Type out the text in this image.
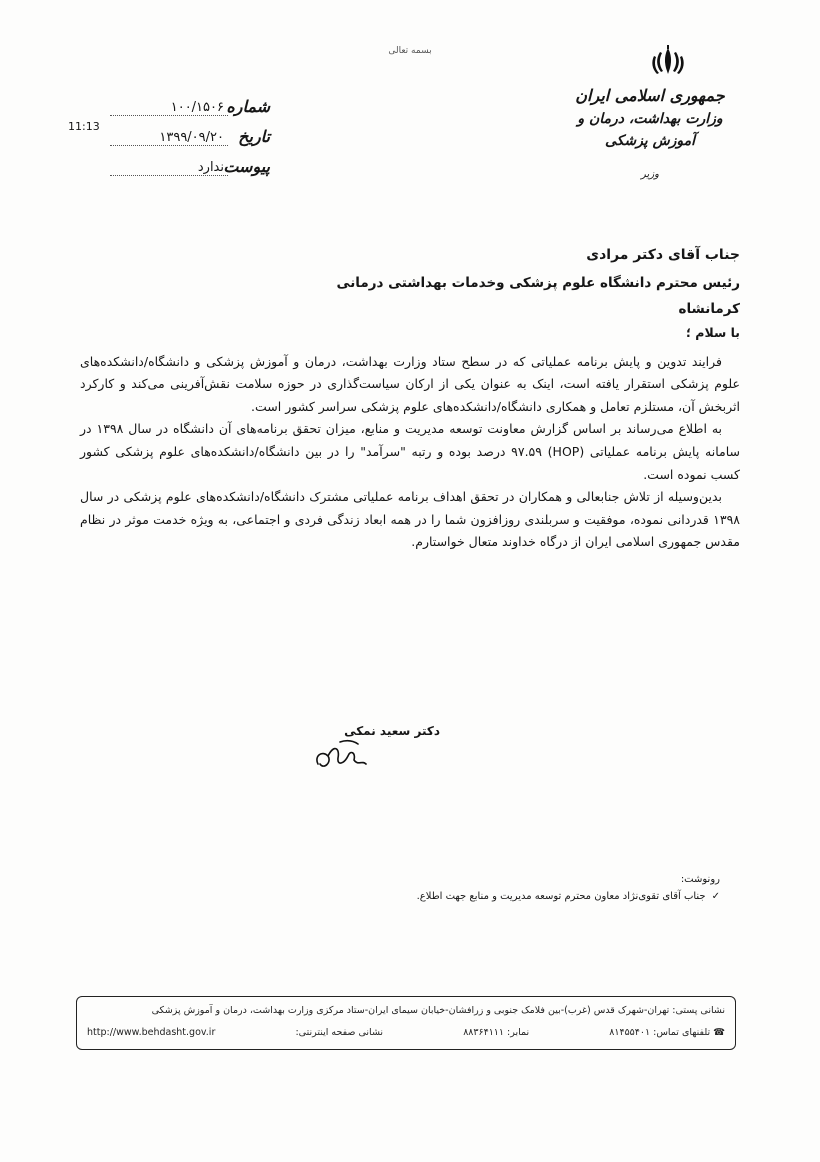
بسمه تعالی
جمهوری اسلامی ایران
وزارت بهداشت، درمان و آموزش پزشکی
وزیر
شماره
۱۰۰/۱۵۰۶
تاریخ
۱۳۹۹/۰۹/۲۰
پیوست
ندارد
11:13
جناب آقای دکتر مرادی
رئیس محترم دانشگاه علوم پزشکی وخدمات بهداشتی درمانی کرمانشاه
با سلام ؛

فرایند تدوین و پایش برنامه عملیاتی که در سطح ستاد وزارت بهداشت، درمان و آموزش پزشکی و دانشگاه/دانشکده‌های علوم پزشکی استقرار یافته است، اینک به عنوان یکی از ارکان سیاست‌گذاری در حوزه سلامت نقش‌آفرینی می‌کند و کارکرد اثربخش آن، مستلزم تعامل و همکاری دانشگاه/دانشکده‌های علوم پزشکی سراسر کشور است.

به اطلاع می‌رساند بر اساس گزارش معاونت توسعه مدیریت و منابع، میزان تحقق برنامه‌های آن دانشگاه در سال ۱۳۹۸ در سامانه پایش برنامه عملیاتی (HOP) ۹۷.۵۹ درصد بوده و رتبه "سرآمد" را در بین دانشگاه/دانشکده‌های علوم پزشکی کشور کسب نموده است.

بدین‌وسیله از تلاش جنابعالی و همکاران در تحقق اهداف برنامه عملیاتی مشترک دانشگاه/دانشکده‌های علوم پزشکی در سال ۱۳۹۸ قدردانی نموده، موفقیت و سربلندی روزافزون شما را در همه ابعاد زندگی فردی و اجتماعی، به ویژه خدمت موثر در نظام مقدس جمهوری اسلامی ایران از درگاه خداوند متعال خواستارم.

دکتر سعید نمکی
رونوشت:
✓
جناب آقای تقوی‌نژاد معاون محترم توسعه مدیریت و منابع جهت اطلاع.
نشانی پستی: تهران-شهرک قدس (غرب)-بین فلامک جنوبی و زرافشان-خیابان سیمای ایران-ستاد مرکزی وزارت بهداشت، درمان و آموزش پزشکی
☎ تلفنهای تماس: ۸۱۴۵۵۴۰۱
نمابر: ۸۸۳۶۴۱۱۱
نشانی صفحه اینترنتی:
http://www.behdasht.gov.ir
